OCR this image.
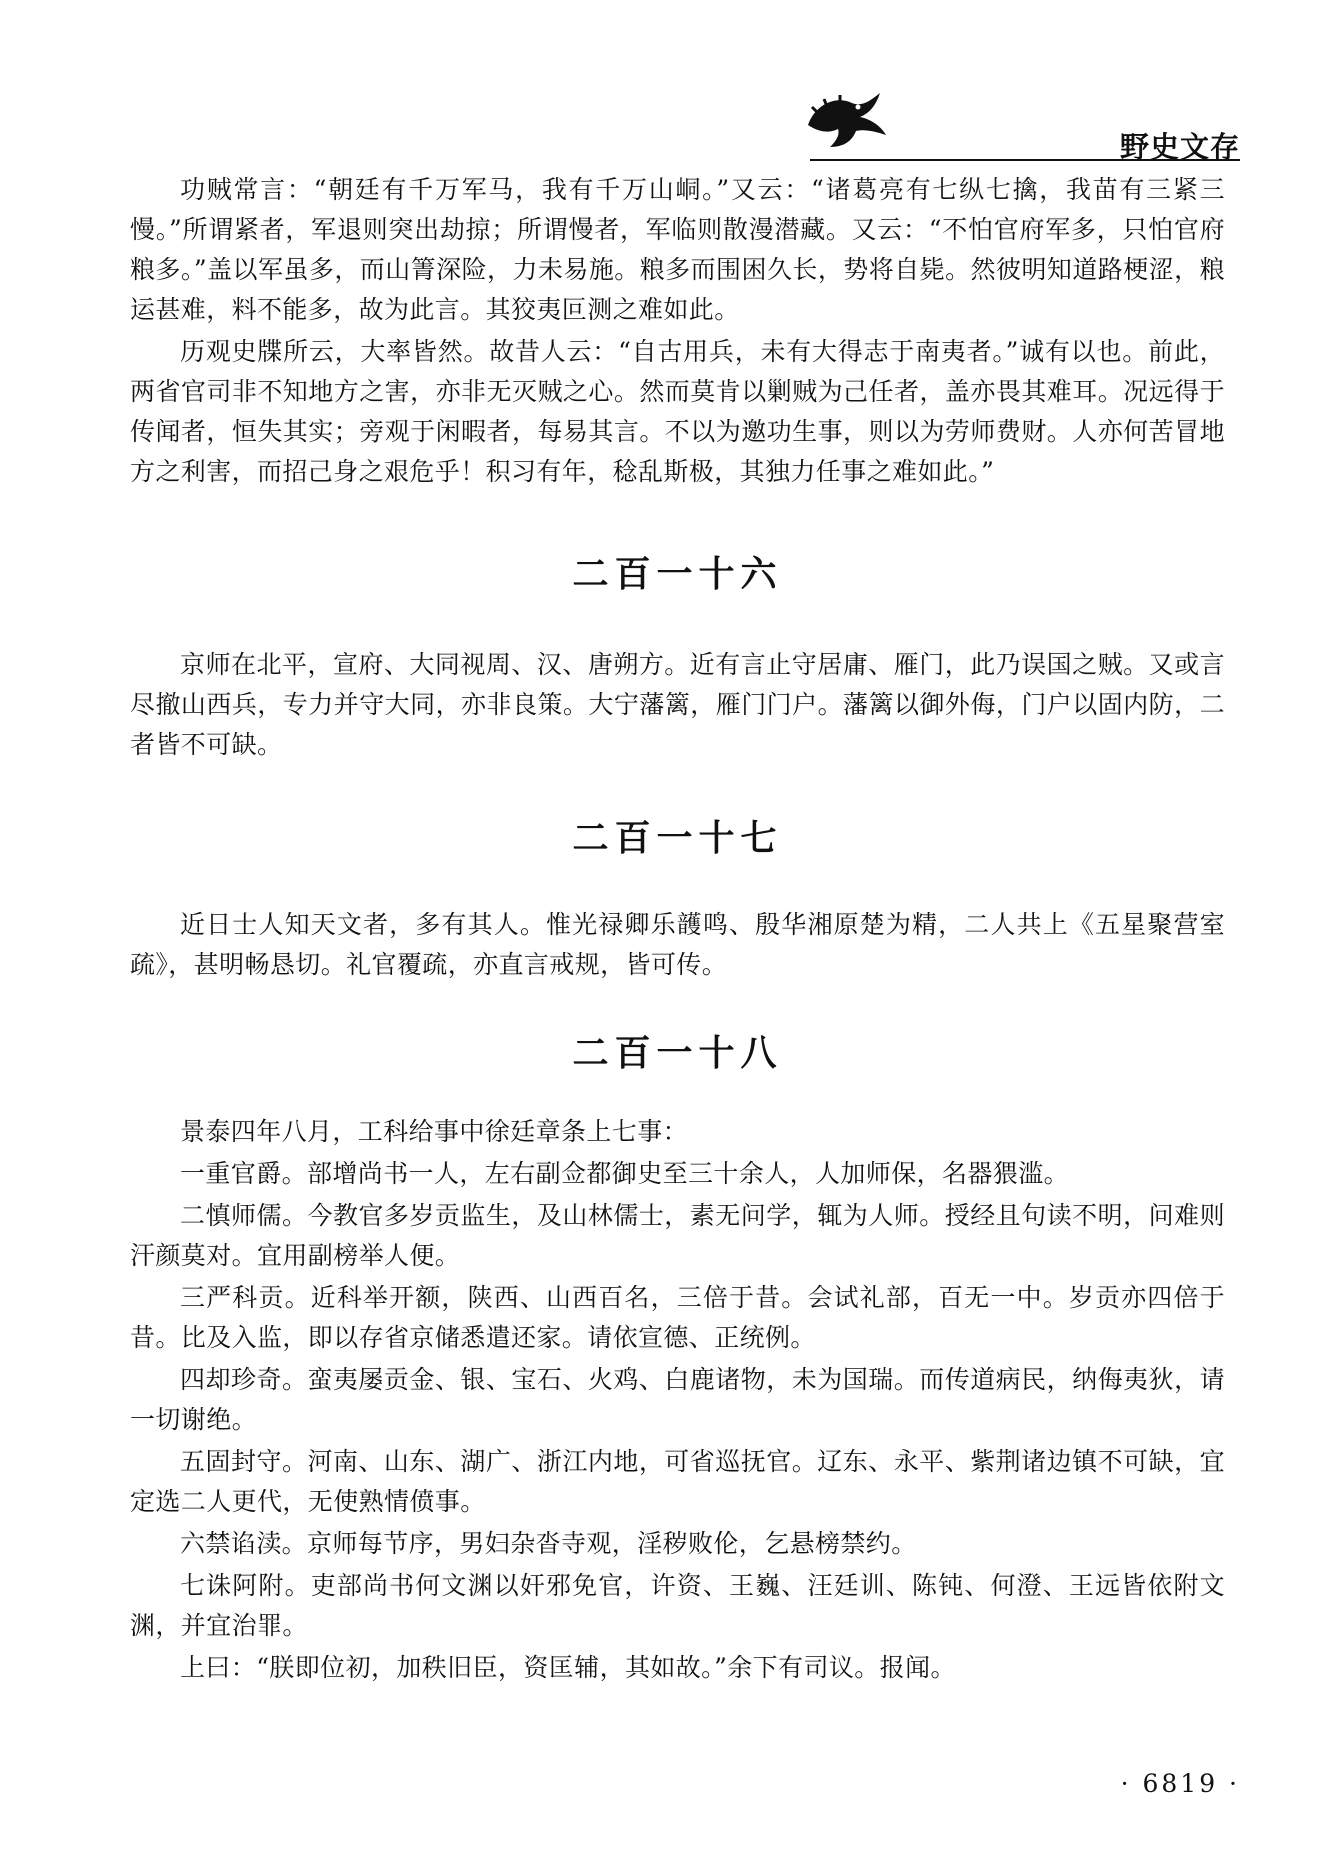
野史文存

功贼常言：“朝廷有千万军马，我有千万山峒。”又云：“诸葛亮有七纵七擒，我苗有三紧三慢。”所谓紧者，军退则突出劫掠；所谓慢者，军临则散漫潜藏。又云：“不怕官府军多，只怕官府粮多。”盖以军虽多，而山箐深险，力未易施。粮多而围困久长，势将自毙。然彼明知道路梗涩，粮运甚难，料不能多，故为此言。其狡夷叵测之难如此。

历观史牒所云，大率皆然。故昔人云：“自古用兵，未有大得志于南夷者。”诚有以也。前此，两省官司非不知地方之害，亦非无灭贼之心。然而莫肯以剿贼为己任者，盖亦畏其难耳。况远得于传闻者，恒失其实；旁观于闲暇者，每易其言。不以为邀功生事，则以为劳师费财。人亦何苦冒地方之利害，而招己身之艰危乎！积习有年，稔乱斯极，其独力任事之难如此。”

二百一十六

京师在北平，宣府、大同视周、汉、唐朔方。近有言止守居庸、雁门，此乃误国之贼。又或言尽撤山西兵，专力并守大同，亦非良策。大宁藩篱，雁门门户。藩篱以御外侮，门户以固内防，二者皆不可缺。

二百一十七

近日士人知天文者，多有其人。惟光禄卿乐頀鸣、殷华湘原楚为精，二人共上《五星聚营室疏》，甚明畅恳切。礼官覆疏，亦直言戒规，皆可传。

二百一十八

景泰四年八月，工科给事中徐廷章条上七事：

一重官爵。部增尚书一人，左右副佥都御史至三十余人，人加师保，名器猥滥。

二慎师儒。今教官多岁贡监生，及山林儒士，素无问学，辄为人师。授经且句读不明，问难则汗颜莫对。宜用副榜举人便。

三严科贡。近科举开额，陕西、山西百名，三倍于昔。会试礼部，百无一中。岁贡亦四倍于昔。比及入监，即以存省京储悉遣还家。请依宣德、正统例。

四却珍奇。蛮夷屡贡金、银、宝石、火鸡、白鹿诸物，未为国瑞。而传道病民，纳侮夷狄，请一切谢绝。

五固封守。河南、山东、湖广、浙江内地，可省巡抚官。辽东、永平、紫荆诸边镇不可缺，宜定选二人更代，无使熟情偾事。

六禁谄渎。京师每节序，男妇杂沓寺观，淫秽败伦，乞悬榜禁约。

七诛阿附。吏部尚书何文渊以奸邪免官，许资、王巍、汪廷训、陈钝、何澄、王远皆依附文渊，并宜治罪。

上曰：“朕即位初，加秩旧臣，资匡辅，其如故。”余下有司议。报闻。

· 6819 ·
